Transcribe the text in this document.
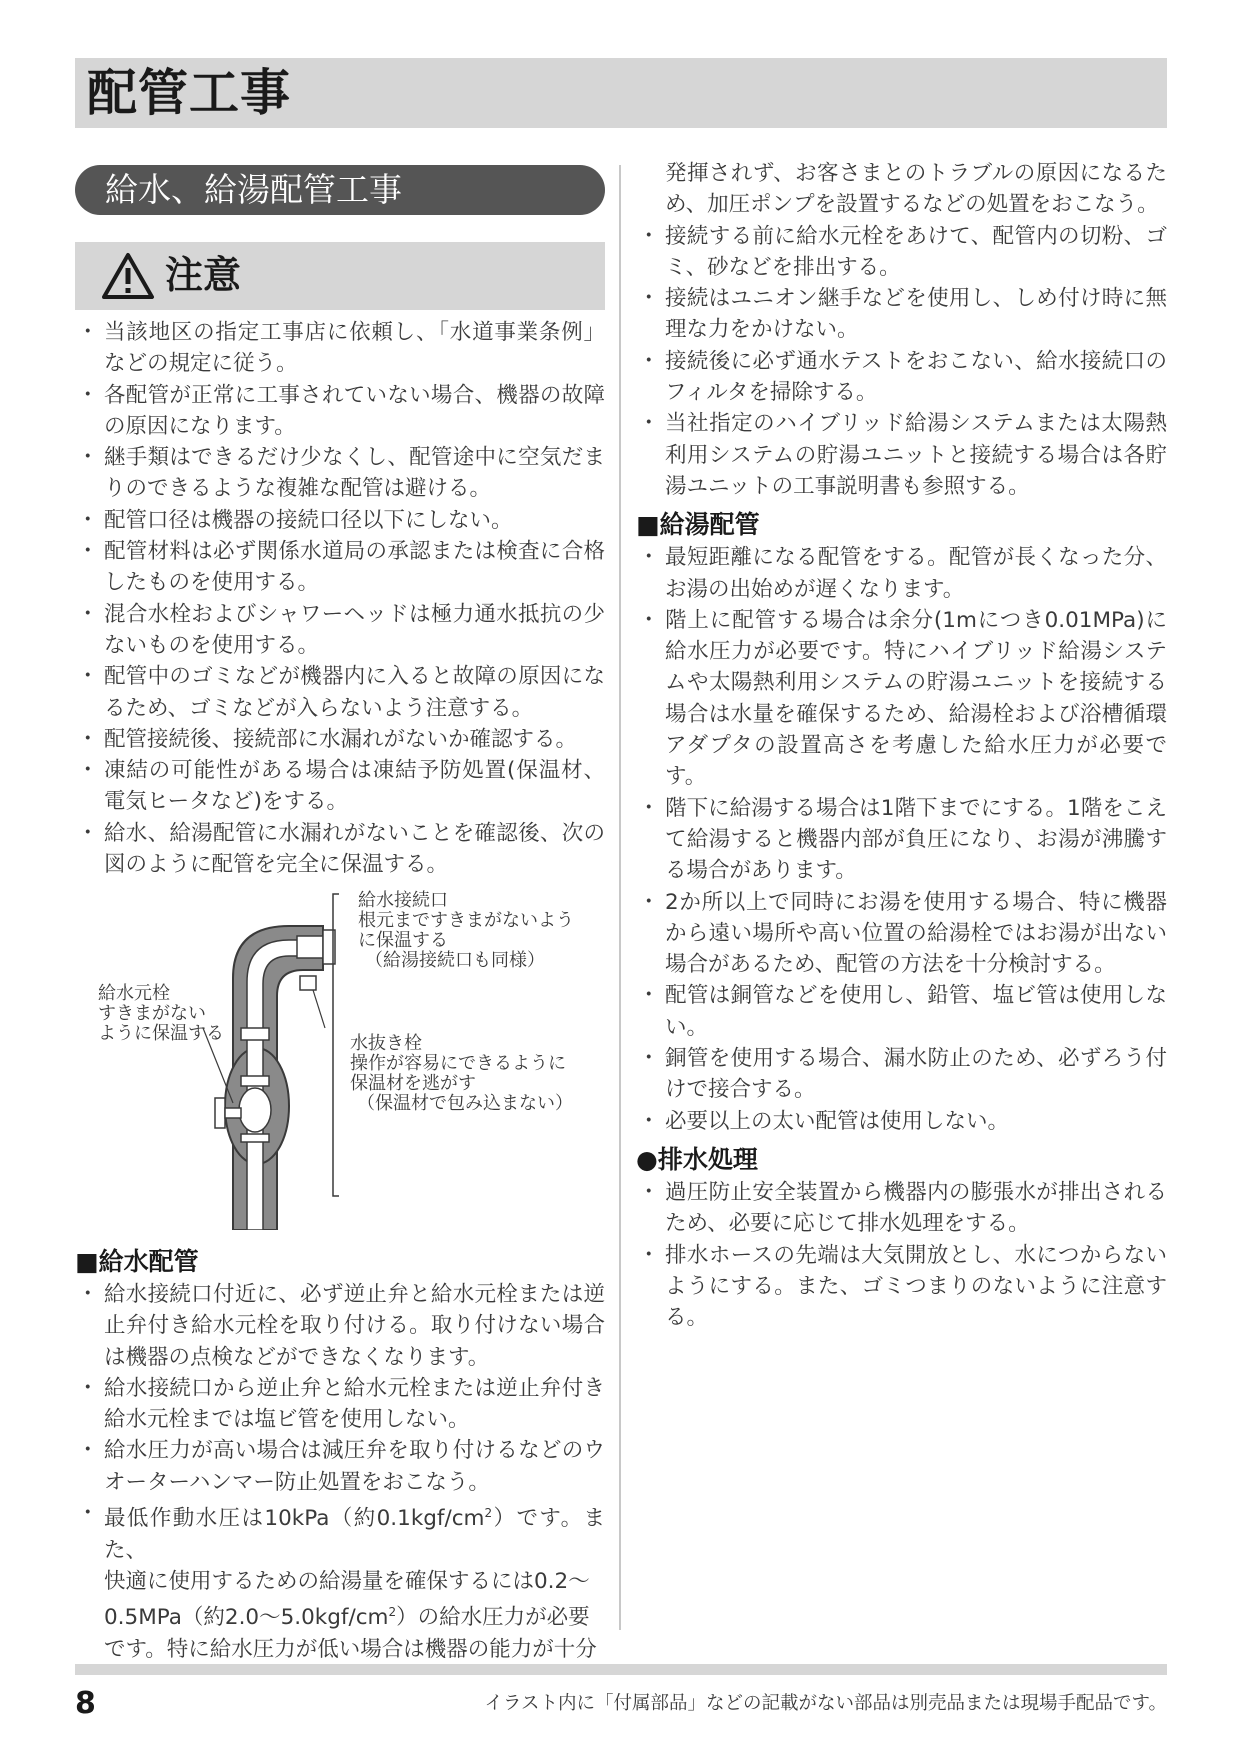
配管工事
給水、給湯配管工事
注意
・ 当該地区の指定工事店に依頼し、「水道事業条例」などの規定に従う。
・ 各配管が正常に工事されていない場合、機器の故障の原因になります。
・ 継手類はできるだけ少なくし、配管途中に空気だまりのできるような複雑な配管は避ける。
・ 配管口径は機器の接続口径以下にしない。
・ 配管材料は必ず関係水道局の承認または検査に合格したものを使用する。
・ 混合水栓およびシャワーヘッドは極力通水抵抗の少ないものを使用する。
・ 配管中のゴミなどが機器内に入ると故障の原因になるため、ゴミなどが入らないよう注意する。
・ 配管接続後、接続部に水漏れがないか確認する。
・ 凍結の可能性がある場合は凍結予防処置(保温材、電気ヒータなど)をする。
・ 給水、給湯配管に水漏れがないことを確認後、次の図のように配管を完全に保温する。
給水接続口
根元まですきまがないよう
に保温する
（給湯接続口も同様）
給水元栓
すきまがない
ように保温する	水抜き栓
操作が容易にできるように
保温材を逃がす
（保温材で包み込まない）
■給水配管
・ 給水接続口付近に、必ず逆止弁と給水元栓または逆止弁付き給水元栓を取り付ける。取り付けない場合は機器の点検などができなくなります。
・ 給水接続口から逆止弁と給水元栓または逆止弁付き給水元栓までは塩ビ管を使用しない。
・ 給水圧力が高い場合は減圧弁を取り付けるなどのウオーターハンマー防止処置をおこなう。
・ 最低作動水圧は10kPa（約$0.1kgf/cm^2$）です。また、
快適に使用するための給湯量を確保するには0.2～
0.5MPa（約$2.0\sim 5.0kgf/cm^2$）の給水圧力が必要
です。特に給水圧力が低い場合は機器の能力が十分
発揮されず、お客さまとのトラブルの原因になるため、加圧ポンプを設置するなどの処置をおこなう。
・ 接続する前に給水元栓をあけて、配管内の切粉、ゴミ、砂などを排出する。
・ 接続はユニオン継手などを使用し、しめ付け時に無理な力をかけない。
・ 接続後に必ず通水テストをおこない、給水接続口のフィルタを掃除する。
・ 当社指定のハイブリッド給湯システムまたは太陽熱利用システムの貯湯ユニットと接続する場合は各貯湯ユニットの工事説明書も参照する。
■給湯配管
・ 最短距離になる配管をする。配管が長くなった分、お湯の出始めが遅くなります。
・ 階上に配管する場合は余分(1mにつき0.01MPa)に給水圧力が必要です。特にハイブリッド給湯システムや太陽熱利用システムの貯湯ユニットを接続する場合は水量を確保するため、給湯栓および浴槽循環アダプタの設置高さを考慮した給水圧力が必要です。
・ 階下に給湯する場合は1階下までにする。1階をこえて給湯すると機器内部が負圧になり、お湯が沸騰する場合があります。
・ 2か所以上で同時にお湯を使用する場合、特に機器から遠い場所や高い位置の給湯栓ではお湯が出ない場合があるため、配管の方法を十分検討する。
・ 配管は銅管などを使用し、鉛管、塩ビ管は使用しない。
・ 銅管を使用する場合、漏水防止のため、必ずろう付けで接合する。
・ 必要以上の太い配管は使用しない。
●排水処理
・ 過圧防止安全装置から機器内の膨張水が排出されるため、必要に応じて排水処理をする。
・ 排水ホースの先端は大気開放とし、水につからないようにする。また、ゴミつまりのないように注意する。
8	イラスト内に「付属部品」などの記載がない部品は別売品または現場手配品です。
